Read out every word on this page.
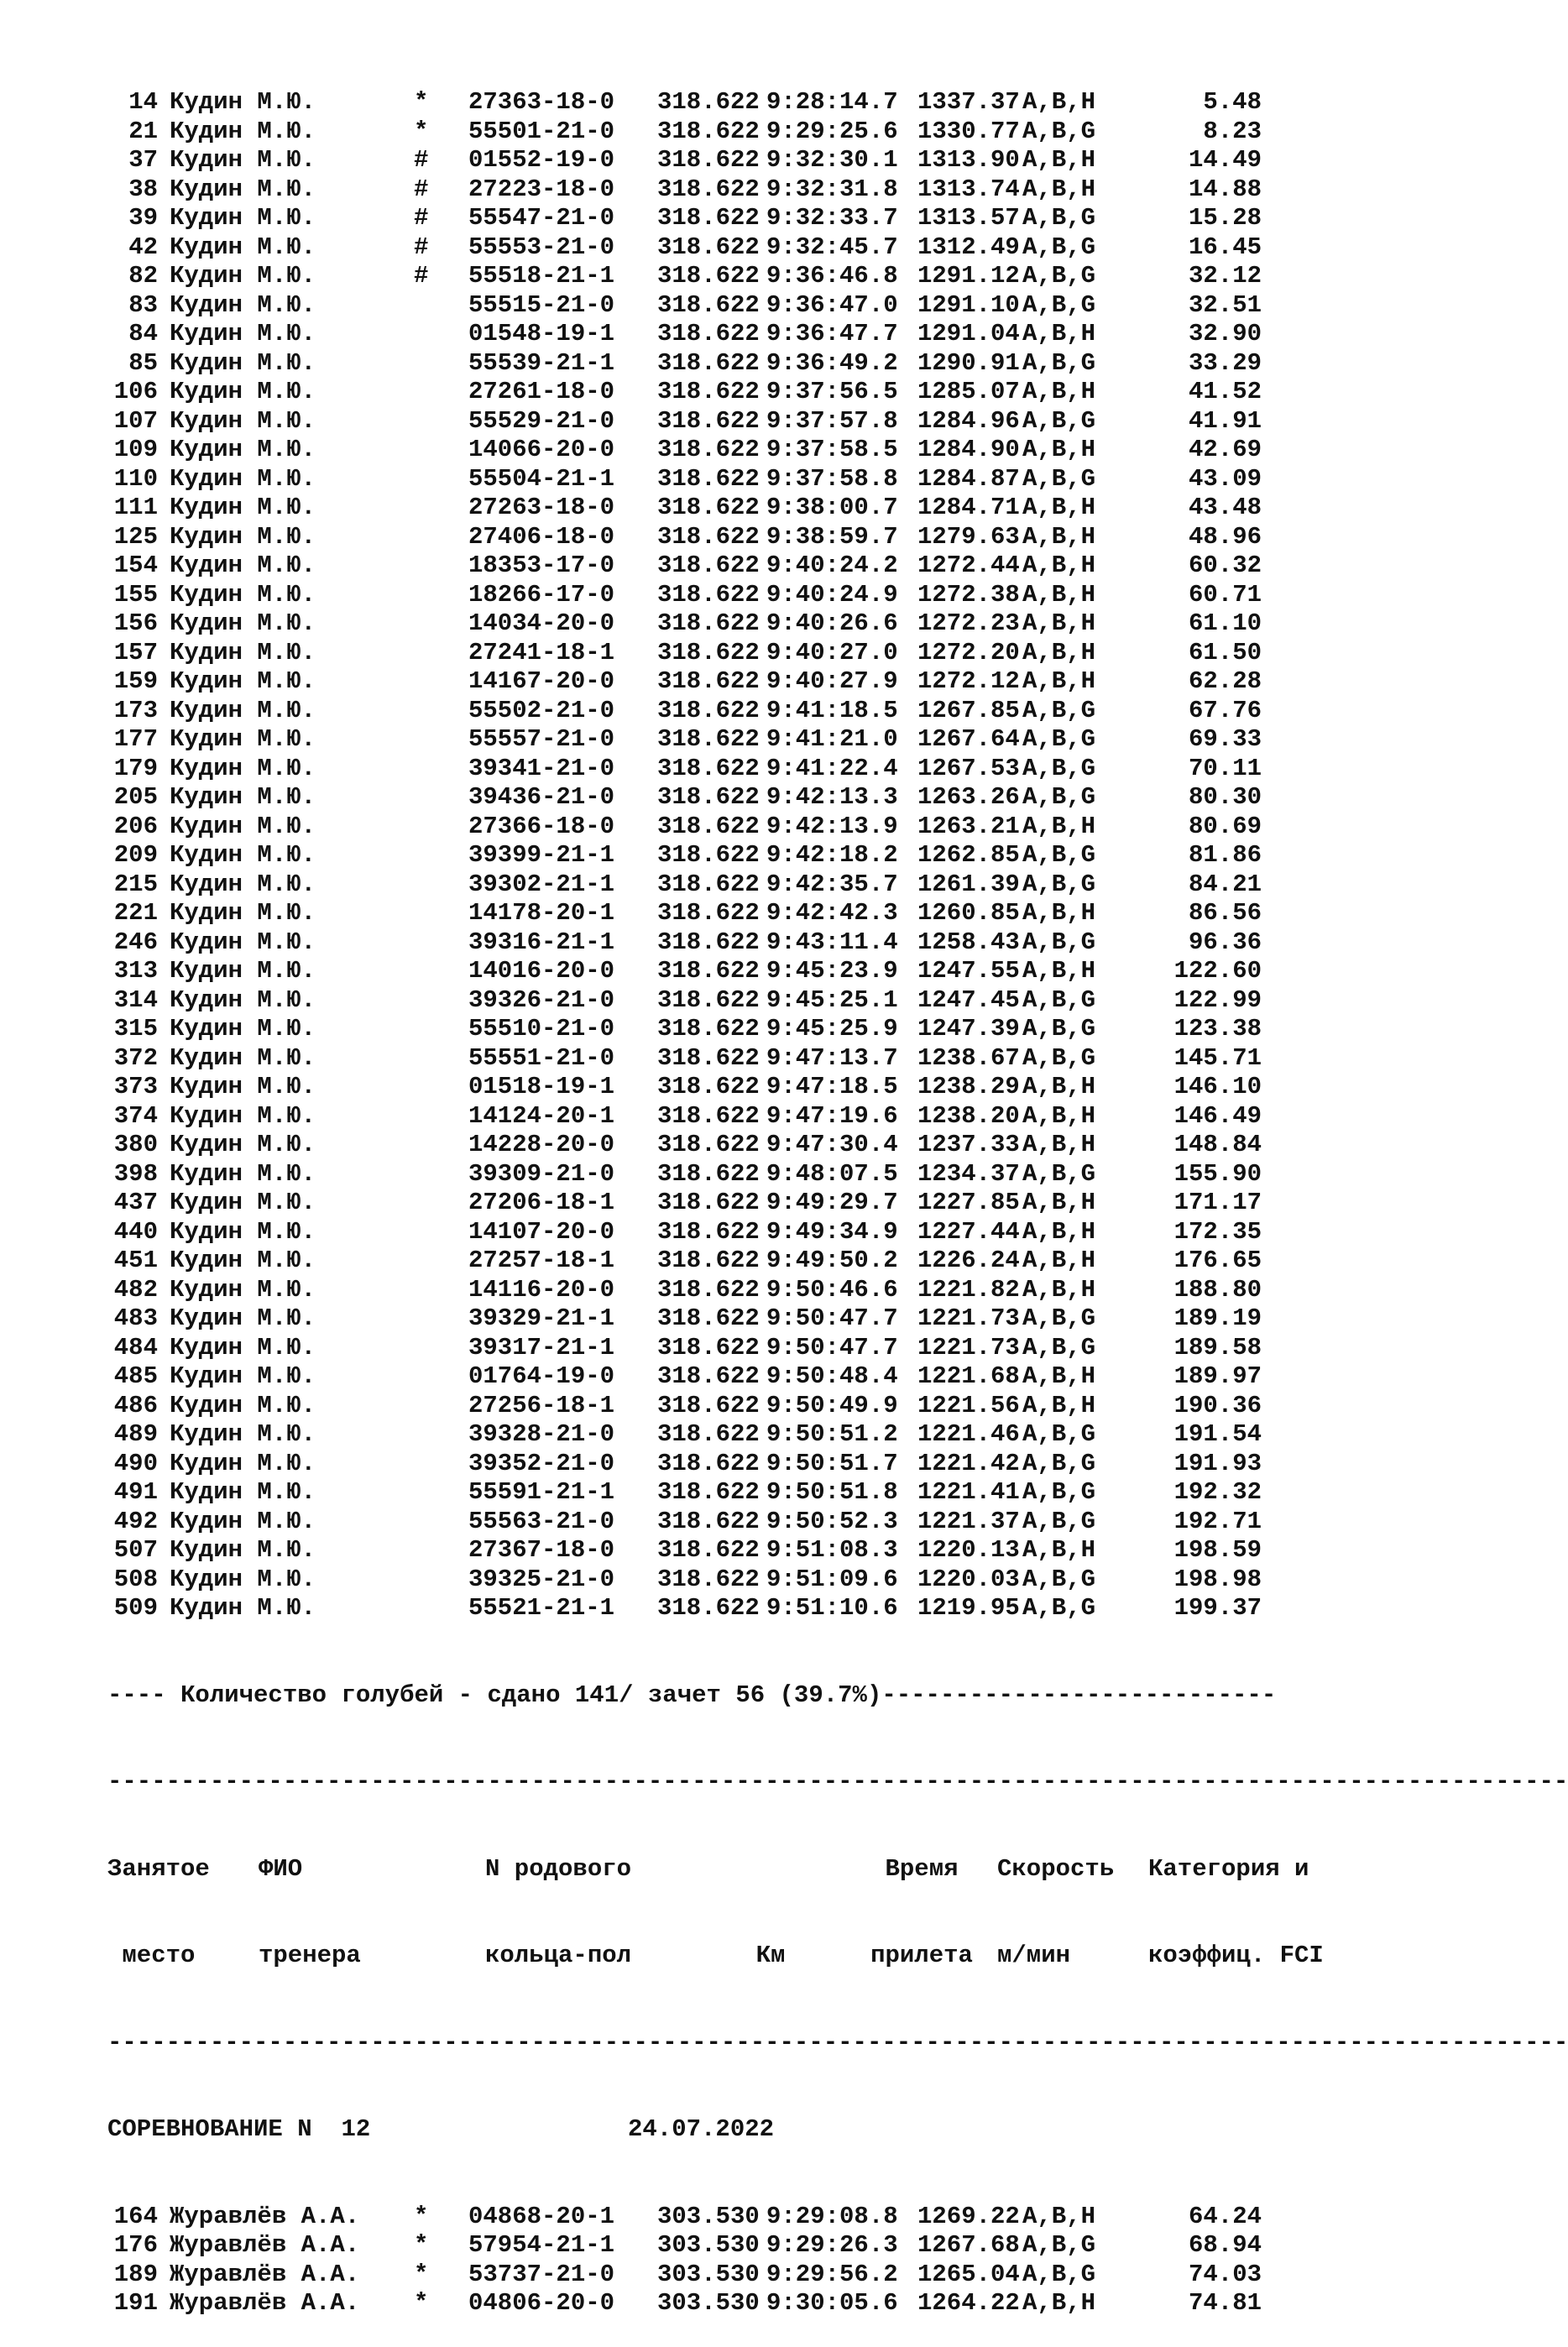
14 Кудин М.Ю.	*	27363-18-0	318.622 9:28:14.7 1337.37 A,B,H	5.48
21 Кудин М.Ю.	*	55501-21-0	318.622 9:29:25.6 1330.77 A,B,G	8.23
37 Кудин М.Ю.	#	01552-19-0	318.622 9:32:30.1 1313.90 A,B,H	14.49
38 Кудин М.Ю.	#	27223-18-0	318.622 9:32:31.8 1313.74 A,B,H	14.88
39 Кудин М.Ю.	#	55547-21-0	318.622 9:32:33.7 1313.57 A,B,G	15.28
42 Кудин М.Ю.	#	55553-21-0	318.622 9:32:45.7 1312.49 A,B,G	16.45
82 Кудин М.Ю.	#	55518-21-1	318.622 9:36:46.8 1291.12 A,B,G	32.12
83 Кудин М.Ю.	55515-21-0	318.622 9:36:47.0 1291.10 A,B,G	32.51
84 Кудин М.Ю.	01548-19-1	318.622 9:36:47.7 1291.04 A,B,H	32.90
85 Кудин М.Ю.	55539-21-1	318.622 9:36:49.2 1290.91 A,B,G	33.29
106 Кудин М.Ю.	27261-18-0	318.622 9:37:56.5 1285.07 A,B,H	41.52
107 Кудин М.Ю.	55529-21-0	318.622 9:37:57.8 1284.96 A,B,G	41.91
109 Кудин М.Ю.	14066-20-0	318.622 9:37:58.5 1284.90 A,B,H	42.69
110 Кудин М.Ю.	55504-21-1	318.622 9:37:58.8 1284.87 A,B,G	43.09
111 Кудин М.Ю.	27263-18-0	318.622 9:38:00.7 1284.71 A,B,H	43.48
125 Кудин М.Ю.	27406-18-0	318.622 9:38:59.7 1279.63 A,B,H	48.96
154 Кудин М.Ю.	18353-17-0	318.622 9:40:24.2 1272.44 A,B,H	60.32
155 Кудин М.Ю.	18266-17-0	318.622 9:40:24.9 1272.38 A,B,H	60.71
156 Кудин М.Ю.	14034-20-0	318.622 9:40:26.6 1272.23 A,B,H	61.10
157 Кудин М.Ю.	27241-18-1	318.622 9:40:27.0 1272.20 A,B,H	61.50
159 Кудин М.Ю.	14167-20-0	318.622 9:40:27.9 1272.12 A,B,H	62.28
173 Кудин М.Ю.	55502-21-0	318.622 9:41:18.5 1267.85 A,B,G	67.76
177 Кудин М.Ю.	55557-21-0	318.622 9:41:21.0 1267.64 A,B,G	69.33
179 Кудин М.Ю.	39341-21-0	318.622 9:41:22.4 1267.53 A,B,G	70.11
205 Кудин М.Ю.	39436-21-0	318.622 9:42:13.3 1263.26 A,B,G	80.30
206 Кудин М.Ю.	27366-18-0	318.622 9:42:13.9 1263.21 A,B,H	80.69
209 Кудин М.Ю.	39399-21-1	318.622 9:42:18.2 1262.85 A,B,G	81.86
215 Кудин М.Ю.	39302-21-1	318.622 9:42:35.7 1261.39 A,B,G	84.21
221 Кудин М.Ю.	14178-20-1	318.622 9:42:42.3 1260.85 A,B,H	86.56
246 Кудин М.Ю.	39316-21-1	318.622 9:43:11.4 1258.43 A,B,G	96.36
313 Кудин М.Ю.	14016-20-0	318.622 9:45:23.9 1247.55 A,B,H	122.60
314 Кудин М.Ю.	39326-21-0	318.622 9:45:25.1 1247.45 A,B,G	122.99
315 Кудин М.Ю.	55510-21-0	318.622 9:45:25.9 1247.39 A,B,G	123.38
372 Кудин М.Ю.	55551-21-0	318.622 9:47:13.7 1238.67 A,B,G	145.71
373 Кудин М.Ю.	01518-19-1	318.622 9:47:18.5 1238.29 A,B,H	146.10
374 Кудин М.Ю.	14124-20-1	318.622 9:47:19.6 1238.20 A,B,H	146.49
380 Кудин М.Ю.	14228-20-0	318.622 9:47:30.4 1237.33 A,B,H	148.84
398 Кудин М.Ю.	39309-21-0	318.622 9:48:07.5 1234.37 A,B,G	155.90
437 Кудин М.Ю.	27206-18-1	318.622 9:49:29.7 1227.85 A,B,H	171.17
440 Кудин М.Ю.	14107-20-0	318.622 9:49:34.9 1227.44 A,B,H	172.35
451 Кудин М.Ю.	27257-18-1	318.622 9:49:50.2 1226.24 A,B,H	176.65
482 Кудин М.Ю.	14116-20-0	318.622 9:50:46.6 1221.82 A,B,H	188.80
483 Кудин М.Ю.	39329-21-1	318.622 9:50:47.7 1221.73 A,B,G	189.19
484 Кудин М.Ю.	39317-21-1	318.622 9:50:47.7 1221.73 A,B,G	189.58
485 Кудин М.Ю.	01764-19-0	318.622 9:50:48.4 1221.68 A,B,H	189.97
486 Кудин М.Ю.	27256-18-1	318.622 9:50:49.9 1221.56 A,B,H	190.36
489 Кудин М.Ю.	39328-21-0	318.622 9:50:51.2 1221.46 A,B,G	191.54
490 Кудин М.Ю.	39352-21-0	318.622 9:50:51.7 1221.42 A,B,G	191.93
491 Кудин М.Ю.	55591-21-1	318.622 9:50:51.8 1221.41 A,B,G	192.32
492 Кудин М.Ю.	55563-21-0	318.622 9:50:52.3 1221.37 A,B,G	192.71
507 Кудин М.Ю.	27367-18-0	318.622 9:51:08.3 1220.13 A,B,H	198.59
508 Кудин М.Ю.	39325-21-0	318.622 9:51:09.6 1220.03 A,B,G	198.98
509 Кудин М.Ю.	55521-21-1	318.622 9:51:10.6 1219.95 A,B,G	199.37

---- Количество голубей - сдано 141/ зачет 56 (39.7%)---------------------------

----------------------------------------------------------------------------------------------------

Занятое	ФИО	N родового	Время	Скорость	Категория и

место	тренера	кольца-пол	Км	прилета	м/мин	коэффиц. FCI

----------------------------------------------------------------------------------------------------

СОРЕВНОВАНИЕ N  12	24.07.2022

164 Журавлёв А.А.	*	04868-20-1	303.530 9:29:08.8 1269.22 A,B,H	64.24
176 Журавлёв А.А.	*	57954-21-1	303.530 9:29:26.3 1267.68 A,B,G	68.94
189 Журавлёв А.А.	*	53737-21-0	303.530 9:29:56.2 1265.04 A,B,G	74.03
191 Журавлёв А.А.	*	04806-20-0	303.530 9:30:05.6 1264.22 A,B,H	74.81
